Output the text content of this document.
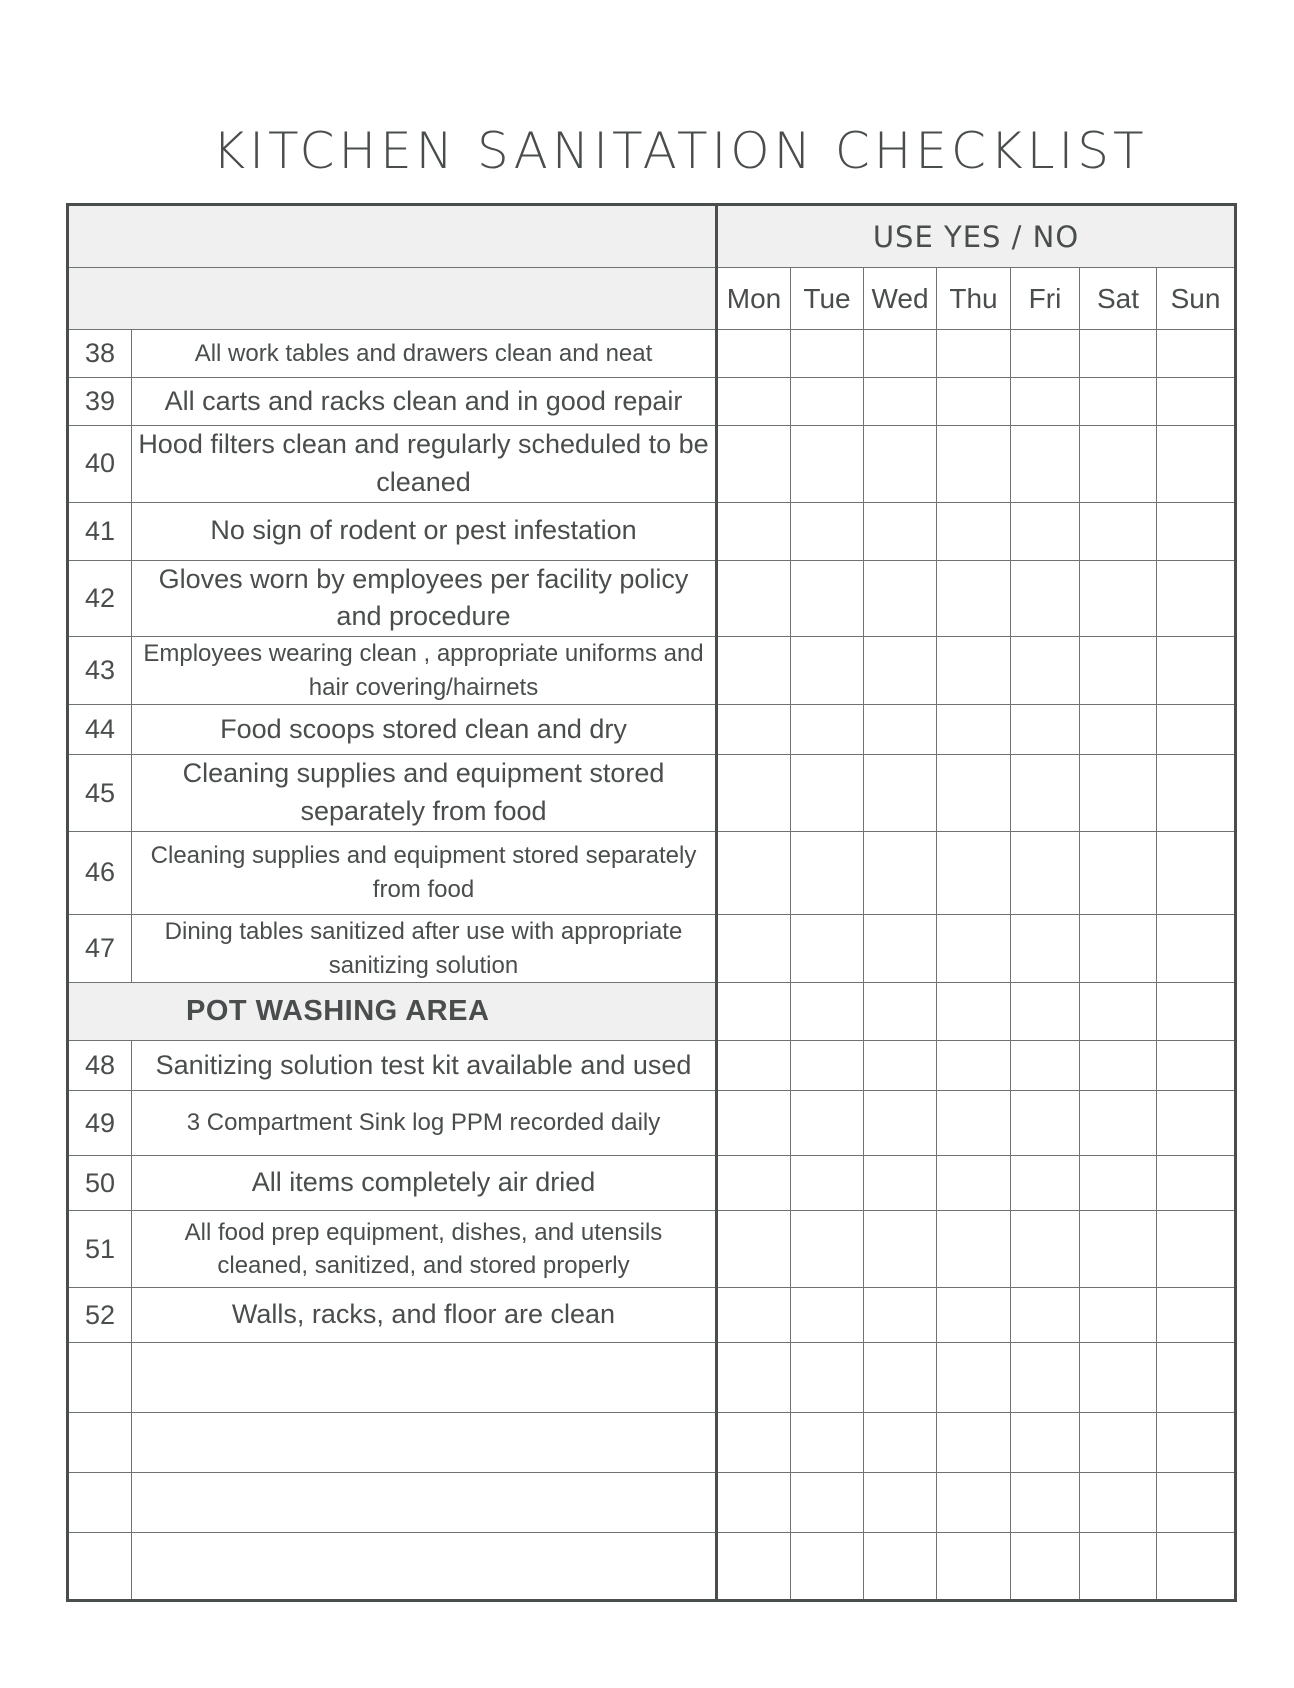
KITCHEN SANITATION CHECKLIST
		USE YES / NO						
		Mon	Tue	Wed	Thu	Fri	Sat	Sun
38	All work tables and drawers clean and neat							
39	All carts and racks clean and in good repair							
40	Hood filters clean and regularly scheduled to be cleaned							
41	No sign of rodent or pest infestation							
42	Gloves worn by employees per facility policy and procedure							
43	Employees wearing clean , appropriate uniforms and hair covering/hairnets							
44	Food scoops stored clean and dry							
45	Cleaning supplies and equipment stored separately from food							
46	Cleaning supplies and equipment stored separately from food							
47	Dining tables sanitized after use with appropriate sanitizing solution							
POT WASHING AREA								
48	Sanitizing solution test kit available and used							
49	3 Compartment Sink log PPM recorded daily							
50	All items completely air dried							
51	All food prep equipment, dishes, and utensils cleaned, sanitized, and stored properly							
52	Walls, racks, and floor are clean							
